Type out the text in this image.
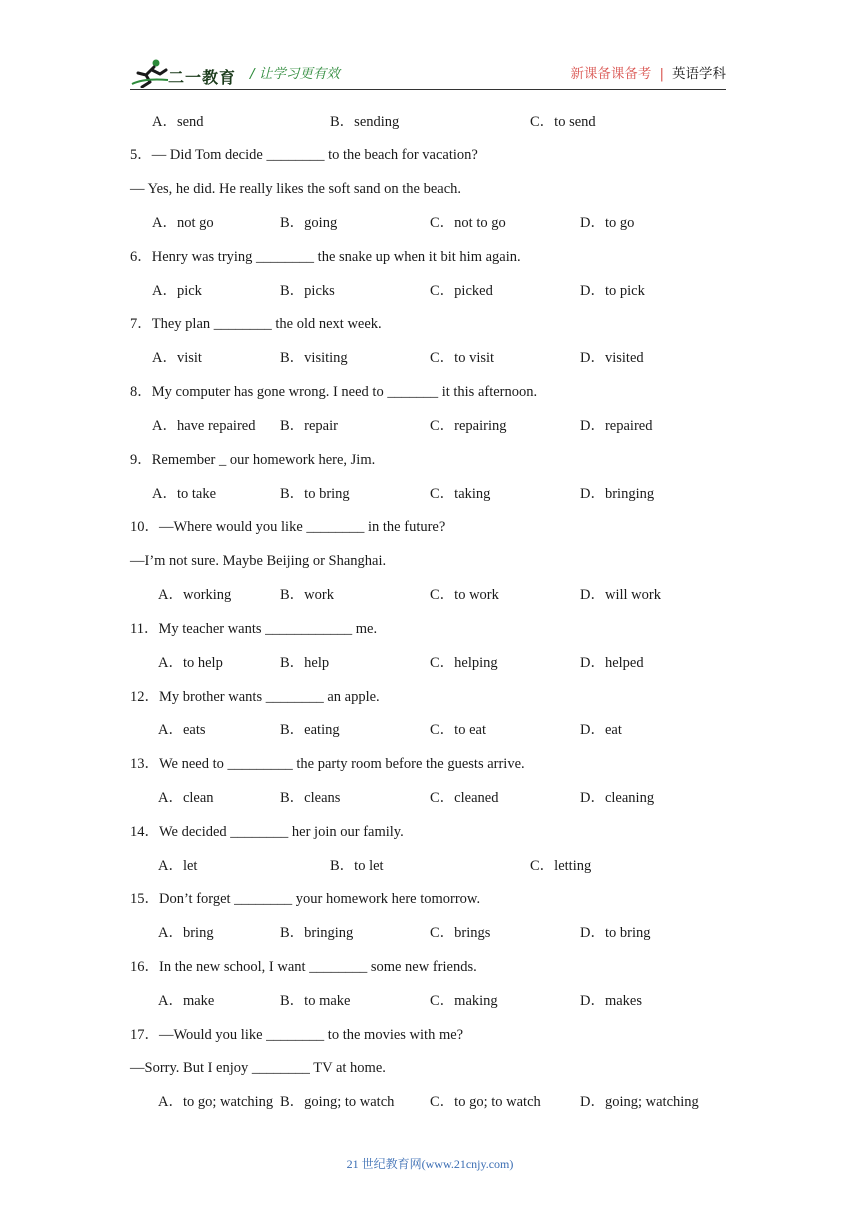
二一教育 / 让学习更有效	新课备课备考 | 英语学科
A．send	B．sending	C．to send
5．— Did Tom decide ________ to the beach for vacation?
— Yes, he did. He really likes the soft sand on the beach.
A．not go	B．going	C．not to go	D．to go
6．Henry was trying ________ the snake up when it bit him again.
A．pick	B．picks	C．picked	D．to pick
7．They plan ________ the old next week.
A．visit	B．visiting	C．to visit	D．visited
8．My computer has gone wrong. I need to _______ it this afternoon.
A．have repaired B．repair	C．repairing	D．repaired
9．Remember _ our homework here, Jim.
A．to take	B．to bring	C．taking	D．bringing
10．—Where would you like ________ in the future?
—I’m not sure. Maybe Beijing or Shanghai.
A．working	B．work	C．to work	D．will work
11．My teacher wants ____________ me.
A．to help	B．help	C．helping	D．helped
12．My brother wants ________ an apple.
A．eats	B．eating	C．to eat	D．eat
13．We need to _________ the party room before the guests arrive.
A．clean	B．cleans	C．cleaned	D．cleaning
14．We decided ________ her join our family.
A．let	B．to let	C．letting
15．Don’t forget ________ your homework here tomorrow.
A．bring	B．bringing	C．brings	D．to bring
16．In the new school, I want ________ some new friends.
A．make	B．to make	C．making	D．makes
17．—Would you like ________ to the movies with me?
—Sorry. But I enjoy ________ TV at home.
A．to go; watching B．going; to watch C．to go; to watch	D．going; watching
21 世纪教育网(www.21cnjy.com)
